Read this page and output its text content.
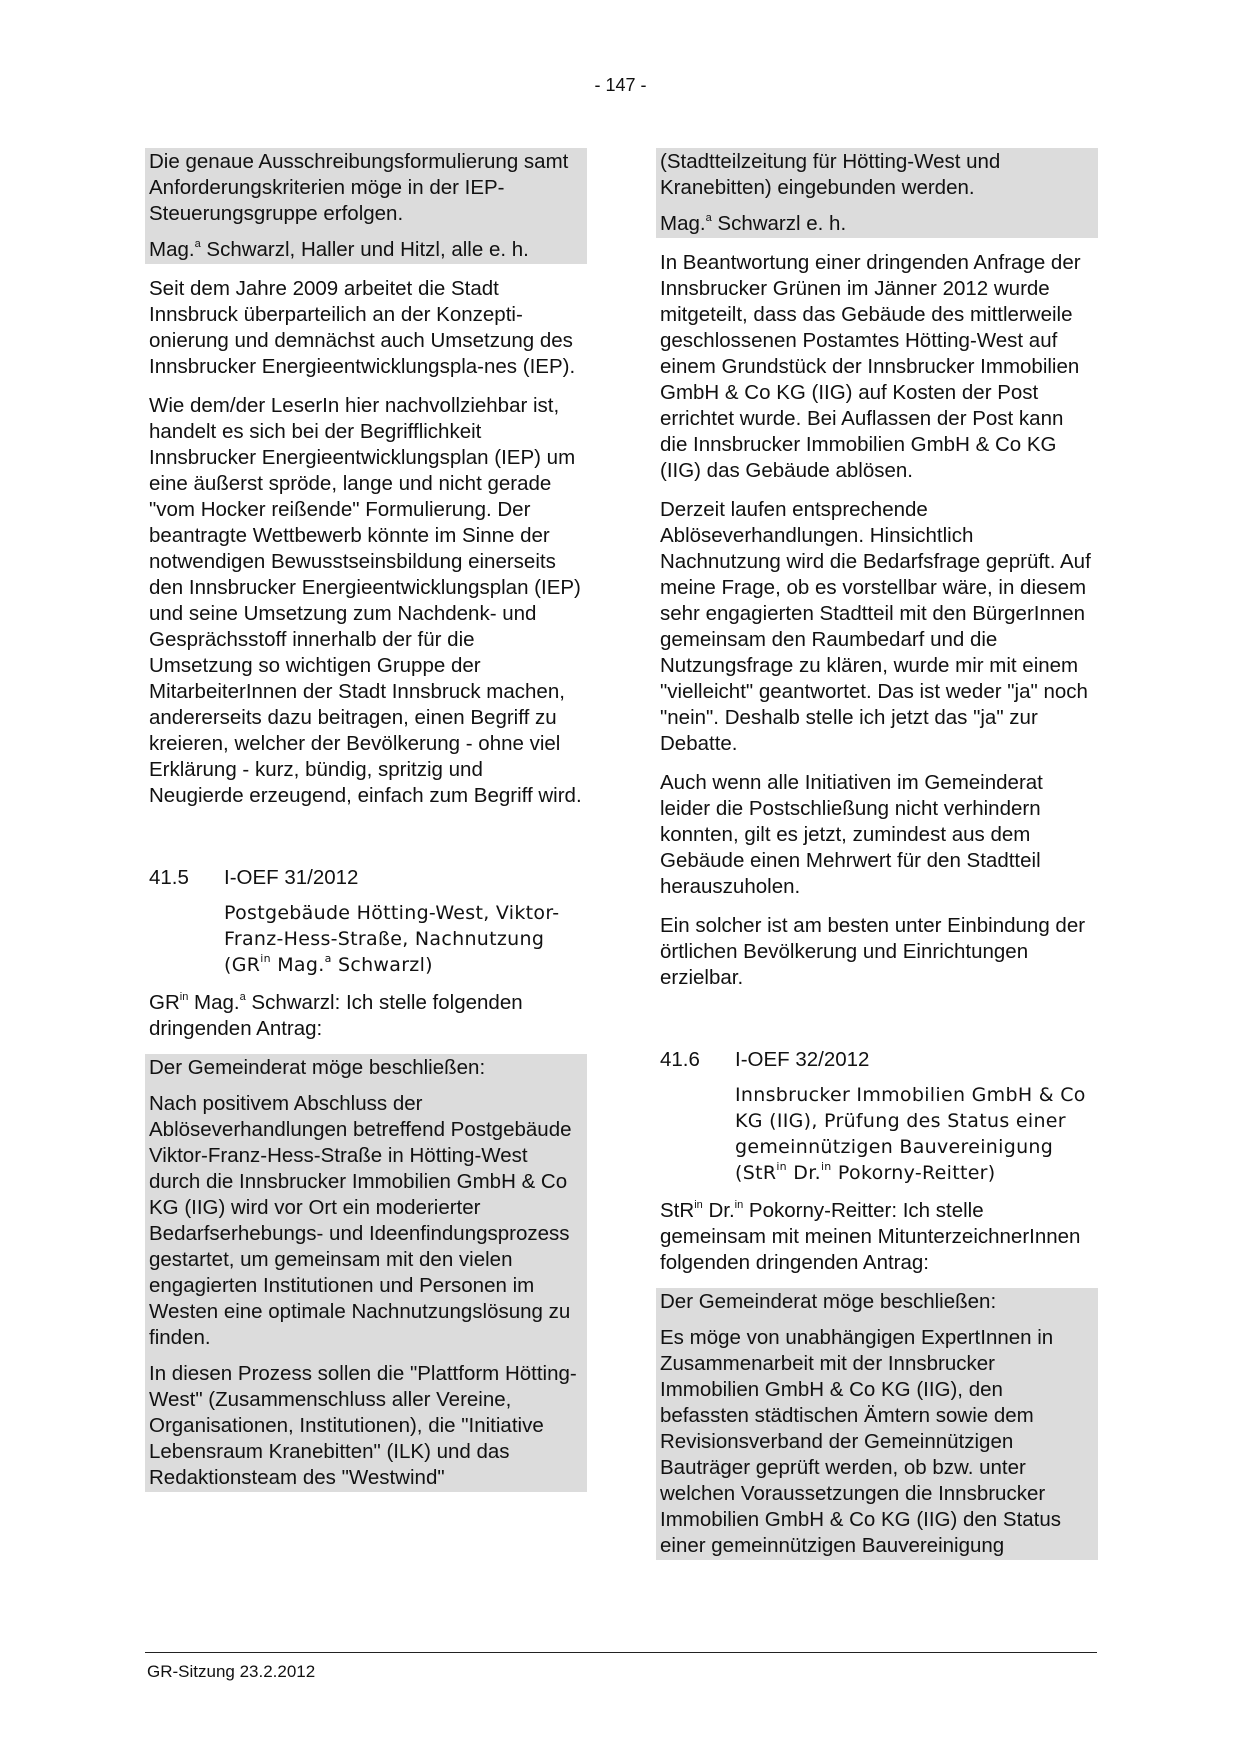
- 147 -

Die genaue Ausschreibungsformulierung samt Anforderungskriterien möge in der IEP-Steuerungsgruppe erfolgen.

Mag.$^a$ Schwarzl, Haller und Hitzl, alle e. h.

Seit dem Jahre 2009 arbeitet die Stadt Innsbruck überparteilich an der Konzepti-onierung und demnächst auch Umsetzung des Innsbrucker Energieentwicklungspla-nes (IEP).

Wie dem/der LeserIn hier nachvollziehbar ist, handelt es sich bei der Begrifflichkeit Innsbrucker Energieentwicklungsplan (IEP) um eine äußerst spröde, lange und nicht gerade "vom Hocker reißende" Formulierung. Der beantragte Wettbewerb könnte im Sinne der notwendigen Bewusstseinsbildung einerseits den Innsbrucker Energieentwicklungsplan (IEP) und seine Umsetzung zum Nachdenk- und Gesprächsstoff innerhalb der für die Umsetzung so wichtigen Gruppe der MitarbeiterInnen der Stadt Innsbruck machen, andererseits dazu beitragen, einen Begriff zu kreieren, welcher der Bevölkerung - ohne viel Erklärung - kurz, bündig, spritzig und Neugierde erzeugend, einfach zum Begriff wird.

41.5	I-OEF 31/2012

Postgebäude Hötting-West, Viktor-Franz-Hess-Straße, Nachnutzung ($GR^{in}$ Mag.$^a$ Schwarzl)

$GR^{in}$ Mag.$^a$ Schwarzl: Ich stelle folgenden dringenden Antrag:

Der Gemeinderat möge beschließen:

Nach positivem Abschluss der Ablöseverhandlungen betreffend Postgebäude Viktor-Franz-Hess-Straße in Hötting-West durch die Innsbrucker Immobilien GmbH & Co KG (IIG) wird vor Ort ein moderierter Bedarfserhebungs- und Ideenfindungsprozess gestartet, um gemeinsam mit den vielen engagierten Institutionen und Personen im Westen eine optimale Nachnutzungslösung zu finden.

In diesen Prozess sollen die "Plattform Hötting-West" (Zusammenschluss aller Vereine, Organisationen, Institutionen), die "Initiative Lebensraum Kranebitten" (ILK) und das Redaktionsteam des "Westwind"

(Stadtteilzeitung für Hötting-West und Kranebitten) eingebunden werden.

Mag.$^a$ Schwarzl e. h.

In Beantwortung einer dringenden Anfrage der Innsbrucker Grünen im Jänner 2012 wurde mitgeteilt, dass das Gebäude des mittlerweile geschlossenen Postamtes Hötting-West auf einem Grundstück der Innsbrucker Immobilien GmbH & Co KG (IIG) auf Kosten der Post errichtet wurde. Bei Auflassen der Post kann die Innsbrucker Immobilien GmbH & Co KG (IIG) das Gebäude ablösen.

Derzeit laufen entsprechende Ablöseverhandlungen. Hinsichtlich Nachnutzung wird die Bedarfsfrage geprüft. Auf meine Frage, ob es vorstellbar wäre, in diesem sehr engagierten Stadtteil mit den BürgerInnen gemeinsam den Raumbedarf und die Nutzungsfrage zu klären, wurde mir mit einem "vielleicht" geantwortet. Das ist weder "ja" noch "nein". Deshalb stelle ich jetzt das "ja" zur Debatte.

Auch wenn alle Initiativen im Gemeinderat leider die Postschließung nicht verhindern konnten, gilt es jetzt, zumindest aus dem Gebäude einen Mehrwert für den Stadtteil herauszuholen.

Ein solcher ist am besten unter Einbindung der örtlichen Bevölkerung und Einrichtungen erzielbar.

41.6	I-OEF 32/2012

Innsbrucker Immobilien GmbH & Co KG (IIG), Prüfung des Status einer gemeinnützigen Bauvereinigung (StR$^{in}$ Dr.$^{in}$ Pokorny-Reitter)

StR$^{in}$ Dr.$^{in}$ Pokorny-Reitter: Ich stelle gemeinsam mit meinen MitunterzeichnerInnen folgenden dringenden Antrag:

Der Gemeinderat möge beschließen:

Es möge von unabhängigen ExpertInnen in Zusammenarbeit mit der Innsbrucker Immobilien GmbH & Co KG (IIG), den befassten städtischen Ämtern sowie dem Revisionsverband der Gemeinnützigen Bauträger geprüft werden, ob bzw. unter welchen Voraussetzungen die Innsbrucker Immobilien GmbH & Co KG (IIG) den Status einer gemeinnützigen Bauvereinigung

GR-Sitzung 23.2.2012
